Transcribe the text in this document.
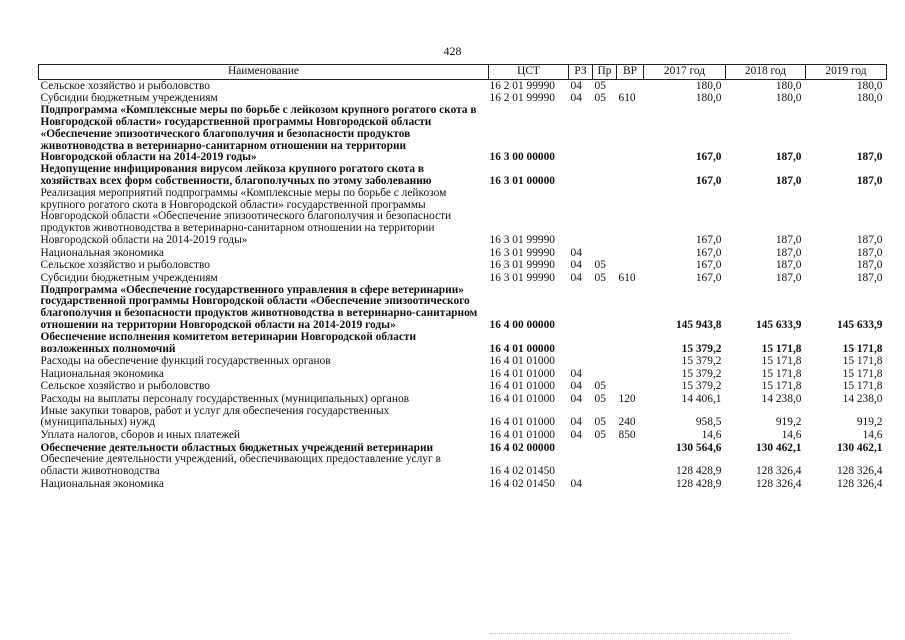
428
Наименование	ЦСТ	РЗ	Пр	ВР	2017 год	2018 год	2019 год
Сельское хозяйство и рыболовство	16 2 01 99990	04	05		180,0	180,0	180,0
Субсидии бюджетным учреждениям	16 2 01 99990	04	05	610	180,0	180,0	180,0
Подпрограмма «Комплексные меры по борьбе с лейкозом крупного рогатого скота в Новгородской области» государственной программы Новгородской области «Обеспечение эпизоотического благополучия и безопасности продуктов животноводства в ветеринарно-санитарном отношении на территории Новгородской области на 2014-2019 годы»	16 3 00 00000				167,0	187,0	187,0
Недопущение инфицирования вирусом лейкоза крупного рогатого скота в хозяйствах всех форм собственности, благополучных по этому заболеванию	16 3 01 00000				167,0	187,0	187,0
Реализация мероприятий подпрограммы «Комплексные меры по борьбе с лейкозом крупного рогатого скота в Новгородской области» государственной программы Новгородской области «Обеспечение эпизоотического благополучия и безопасности продуктов животноводства в ветеринарно-санитарном отношении на территории Новгородской области на 2014-2019 годы»	16 3 01 99990				167,0	187,0	187,0
Национальная экономика	16 3 01 99990	04			167,0	187,0	187,0
Сельское хозяйство и рыболовство	16 3 01 99990	04	05		167,0	187,0	187,0
Субсидии бюджетным учреждениям	16 3 01 99990	04	05	610	167,0	187,0	187,0
Подпрограмма «Обеспечение государственного управления в сфере ветеринарии» государственной программы Новгородской области «Обеспечение эпизоотического благополучия и безопасности продуктов животноводства в ветеринарно-санитарном отношении на территории Новгородской области на 2014-2019 годы»	16 4 00 00000				145 943,8	145 633,9	145 633,9
Обеспечение исполнения комитетом ветеринарии Новгородской области возложенных полномочий	16 4 01 00000				15 379,2	15 171,8	15 171,8
Расходы на обеспечение функций государственных органов	16 4 01 01000				15 379,2	15 171,8	15 171,8
Национальная экономика	16 4 01 01000	04			15 379,2	15 171,8	15 171,8
Сельское хозяйство и рыболовство	16 4 01 01000	04	05		15 379,2	15 171,8	15 171,8
Расходы на выплаты персоналу государственных (муниципальных) органов	16 4 01 01000	04	05	120	14 406,1	14 238,0	14 238,0
Иные закупки товаров, работ и услуг для обеспечения государственных (муниципальных) нужд	16 4 01 01000	04	05	240	958,5	919,2	919,2
Уплата налогов, сборов и иных платежей	16 4 01 01000	04	05	850	14,6	14,6	14,6
Обеспечение деятельности областных бюджетных учреждений ветеринарии	16 4 02 00000				130 564,6	130 462,1	130 462,1
Обеспечение деятельности учреждений, обеспечивающих предоставление услуг в области животноводства	16 4 02 01450				128 428,9	128 326,4	128 326,4
Национальная экономика	16 4 02 01450	04			128 428,9	128 326,4	128 326,4
